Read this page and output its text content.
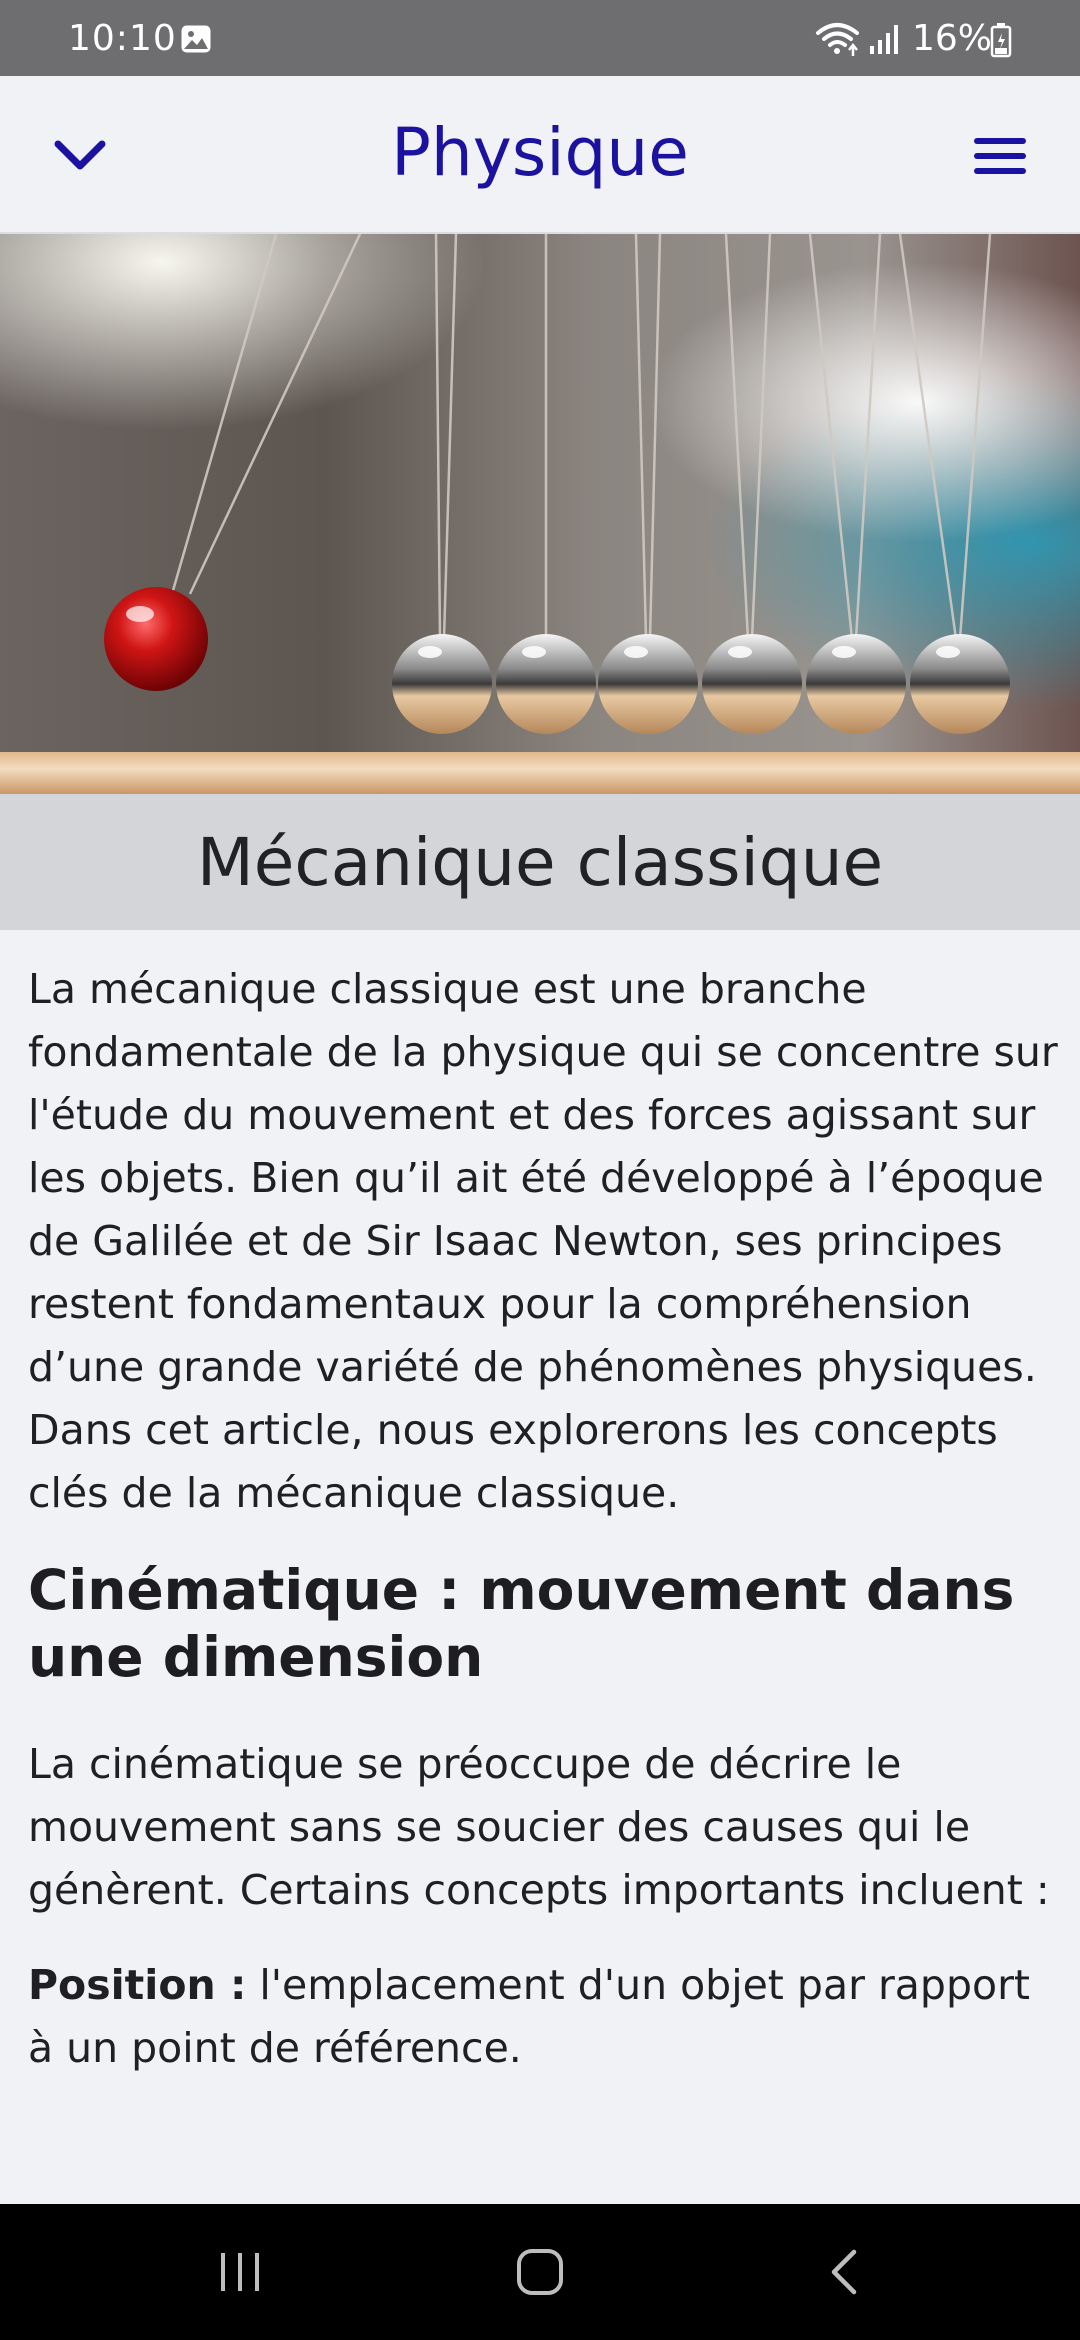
10:10	16%
Physique
Mécanique classique

La mécanique classique est une branche fondamentale de la physique qui se concentre sur l'étude du mouvement et des forces agissant sur les objets. Bien qu’il ait été développé à l’époque de Galilée et de Sir Isaac Newton, ses principes restent fondamentaux pour la compréhension d’une grande variété de phénomènes physiques. Dans cet article, nous explorerons les concepts clés de la mécanique classique.

Cinématique : mouvement dans une dimension

La cinématique se préoccupe de décrire le mouvement sans se soucier des causes qui le génèrent. Certains concepts importants incluent :

Position : l'emplacement d'un objet par rapport à un point de référence.
